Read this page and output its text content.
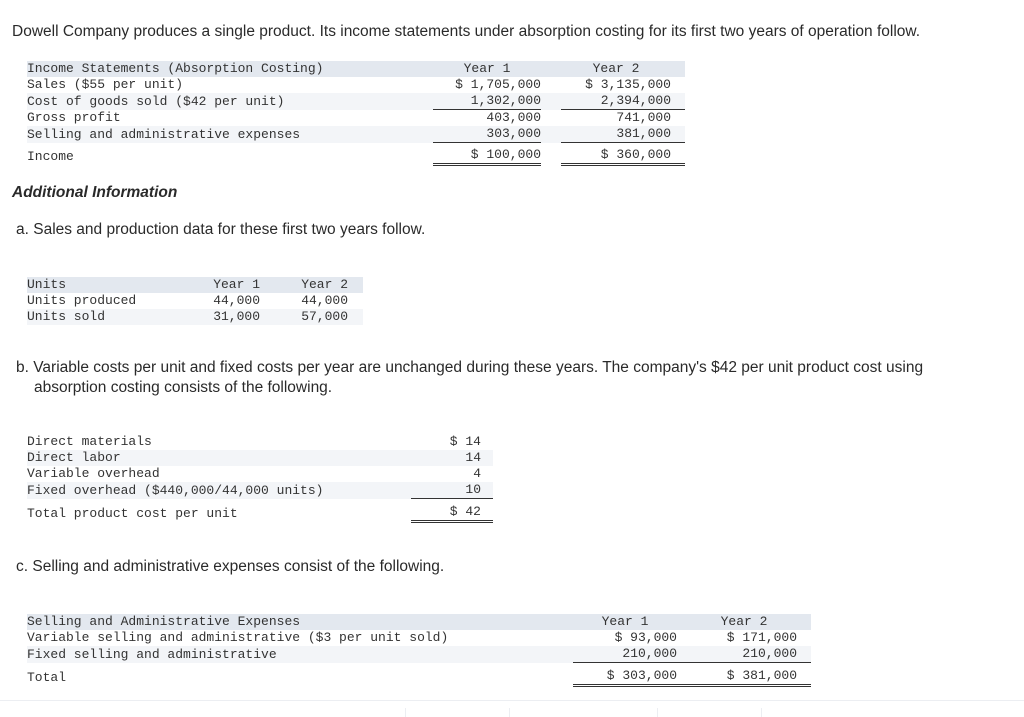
Dowell Company produces a single product. Its income statements under absorption costing for its first two years of operation follow.
Income Statements (Absorption Costing)	Year 1		Year 2	
Sales ($55 per unit)	$ 1,705,000		$ 3,135,000	
Cost of goods sold ($42 per unit)	1,302,000		2,394,000	
Gross profit	403,000		741,000	
Selling and administrative expenses	303,000		381,000	
Income	$ 100,000		$ 360,000	
Additional Information
a. Sales and production data for these first two years follow.
Units	Year 1	Year 2	
Units produced	44,000	44,000	
Units sold	31,000	57,000	
b. Variable costs per unit and fixed costs per year are unchanged during these years. The company's $42 per unit product cost using
absorption costing consists of the following.
Direct materials	$ 14	
Direct labor	14	
Variable overhead	4	
Fixed overhead ($440,000/44,000 units)	10	
Total product cost per unit	$ 42	
c. Selling and administrative expenses consist of the following.
Selling and Administrative Expenses	Year 1		Year 2	
Variable selling and administrative ($3 per unit sold)	$ 93,000		$ 171,000	
Fixed selling and administrative	210,000		210,000	
Total	$ 303,000		$ 381,000	
